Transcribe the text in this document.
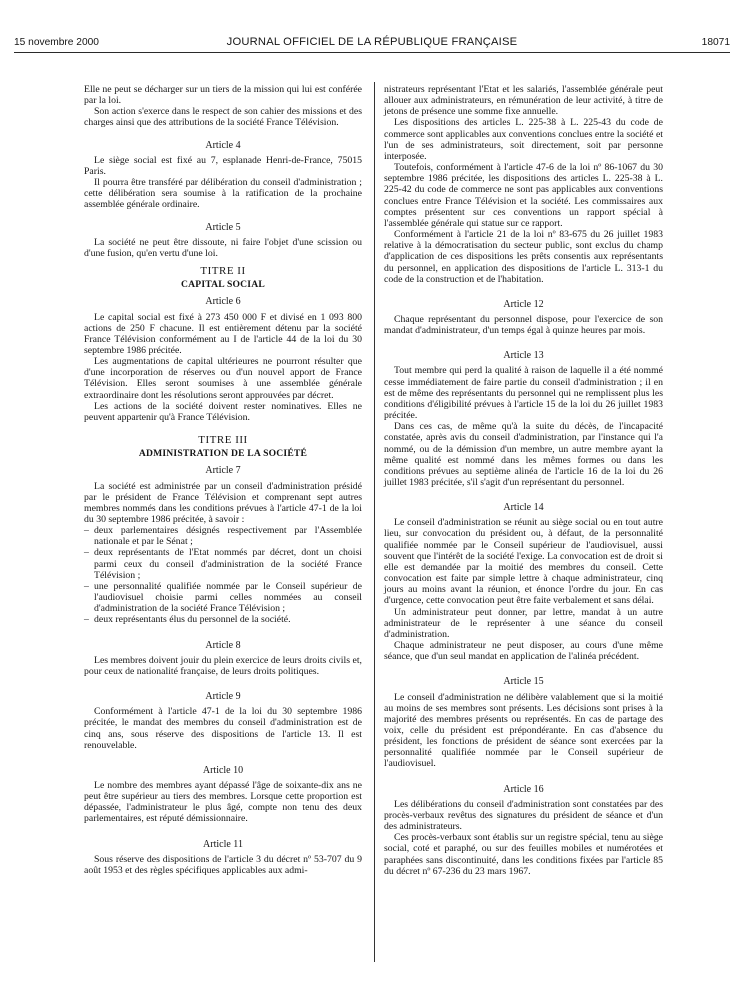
15 novembre 2000	JOURNAL OFFICIEL DE LA RÉPUBLIQUE FRANÇAISE	18071

Elle ne peut se décharger sur un tiers de la mission qui lui est conférée par la loi.

Son action s'exerce dans le respect de son cahier des missions et des charges ainsi que des attributions de la société France Télévision.

Article 4

Le siège social est fixé au 7, esplanade Henri-de-France, 75015 Paris.

Il pourra être transféré par délibération du conseil d'administration ; cette délibération sera soumise à la ratification de la prochaine assemblée générale ordinaire.

Article 5

La société ne peut être dissoute, ni faire l'objet d'une scission ou d'une fusion, qu'en vertu d'une loi.

TITRE II
CAPITAL SOCIAL
Article 6

Le capital social est fixé à 273 450 000 F et divisé en 1 093 800 actions de 250 F chacune. Il est entièrement détenu par la société France Télévision conformément au I de l'article 44 de la loi du 30 septembre 1986 précitée.

Les augmentations de capital ultérieures ne pourront résulter que d'une incorporation de réserves ou d'un nouvel apport de France Télévision. Elles seront soumises à une assemblée générale extraordinaire dont les résolutions seront approuvées par décret.

Les actions de la société doivent rester nominatives. Elles ne peuvent appartenir qu'à France Télévision.

TITRE III
ADMINISTRATION DE LA SOCIÉTÉ
Article 7

La société est administrée par un conseil d'administration présidé par le président de France Télévision et comprenant sept autres membres nommés dans les conditions prévues à l'article 47-1 de la loi du 30 septembre 1986 précitée, à savoir :

– deux parlementaires désignés respectivement par l'Assemblée nationale et par le Sénat ;
– deux représentants de l'Etat nommés par décret, dont un choisi parmi ceux du conseil d'administration de la société France Télévision ;
– une personnalité qualifiée nommée par le Conseil supérieur de l'audiovisuel choisie parmi celles nommées au conseil d'administration de la société France Télévision ;
– deux représentants élus du personnel de la société.
Article 8

Les membres doivent jouir du plein exercice de leurs droits civils et, pour ceux de nationalité française, de leurs droits politiques.

Article 9

Conformément à l'article 47-1 de la loi du 30 septembre 1986 précitée, le mandat des membres du conseil d'administration est de cinq ans, sous réserve des dispositions de l'article 13. Il est renouvelable.

Article 10

Le nombre des membres ayant dépassé l'âge de soixante-dix ans ne peut être supérieur au tiers des membres. Lorsque cette proportion est dépassée, l'administrateur le plus âgé, compte non tenu des deux parlementaires, est réputé démissionnaire.

Article 11

Sous réserve des dispositions de l'article 3 du décret nº 53-707 du 9 août 1953 et des règles spécifiques applicables aux admi-

nistrateurs représentant l'Etat et les salariés, l'assemblée générale peut allouer aux administrateurs, en rémunération de leur activité, à titre de jetons de présence une somme fixe annuelle.

Les dispositions des articles L. 225-38 à L. 225-43 du code de commerce sont applicables aux conventions conclues entre la société et l'un de ses administrateurs, soit directement, soit par personne interposée.

Toutefois, conformément à l'article 47-6 de la loi nº 86-1067 du 30 septembre 1986 précitée, les dispositions des articles L. 225-38 à L. 225-42 du code de commerce ne sont pas applicables aux conventions conclues entre France Télévision et la société. Les commissaires aux comptes présentent sur ces conventions un rapport spécial à l'assemblée générale qui statue sur ce rapport.

Conformément à l'article 21 de la loi nº 83-675 du 26 juillet 1983 relative à la démocratisation du secteur public, sont exclus du champ d'application de ces dispositions les prêts consentis aux représentants du personnel, en application des dispositions de l'article L. 313-1 du code de la construction et de l'habitation.

Article 12

Chaque représentant du personnel dispose, pour l'exercice de son mandat d'administrateur, d'un temps égal à quinze heures par mois.

Article 13

Tout membre qui perd la qualité à raison de laquelle il a été nommé cesse immédiatement de faire partie du conseil d'administration ; il en est de même des représentants du personnel qui ne remplissent plus les conditions d'éligibilité prévues à l'article 15 de la loi du 26 juillet 1983 précitée.

Dans ces cas, de même qu'à la suite du décès, de l'incapacité constatée, après avis du conseil d'administration, par l'instance qui l'a nommé, ou de la démission d'un membre, un autre membre ayant la même qualité est nommé dans les mêmes formes ou dans les conditions prévues au septième alinéa de l'article 16 de la loi du 26 juillet 1983 précitée, s'il s'agit d'un représentant du personnel.

Article 14

Le conseil d'administration se réunit au siège social ou en tout autre lieu, sur convocation du président ou, à défaut, de la personnalité qualifiée nommée par le Conseil supérieur de l'audiovisuel, aussi souvent que l'intérêt de la société l'exige. La convocation est de droit si elle est demandée par la moitié des membres du conseil. Cette convocation est faite par simple lettre à chaque administrateur, cinq jours au moins avant la réunion, et énonce l'ordre du jour. En cas d'urgence, cette convocation peut être faite verbalement et sans délai.

Un administrateur peut donner, par lettre, mandat à un autre administrateur de le représenter à une séance du conseil d'administration.

Chaque administrateur ne peut disposer, au cours d'une même séance, que d'un seul mandat en application de l'alinéa précédent.

Article 15

Le conseil d'administration ne délibère valablement que si la moitié au moins de ses membres sont présents. Les décisions sont prises à la majorité des membres présents ou représentés. En cas de partage des voix, celle du président est prépondérante. En cas d'absence du président, les fonctions de président de séance sont exercées par la personnalité qualifiée nommée par le Conseil supérieur de l'audiovisuel.

Article 16

Les délibérations du conseil d'administration sont constatées par des procès-verbaux revêtus des signatures du président de séance et d'un des administrateurs.

Ces procès-verbaux sont établis sur un registre spécial, tenu au siège social, coté et paraphé, ou sur des feuilles mobiles et numérotées et paraphées sans discontinuité, dans les conditions fixées par l'article 85 du décret nº 67-236 du 23 mars 1967.
